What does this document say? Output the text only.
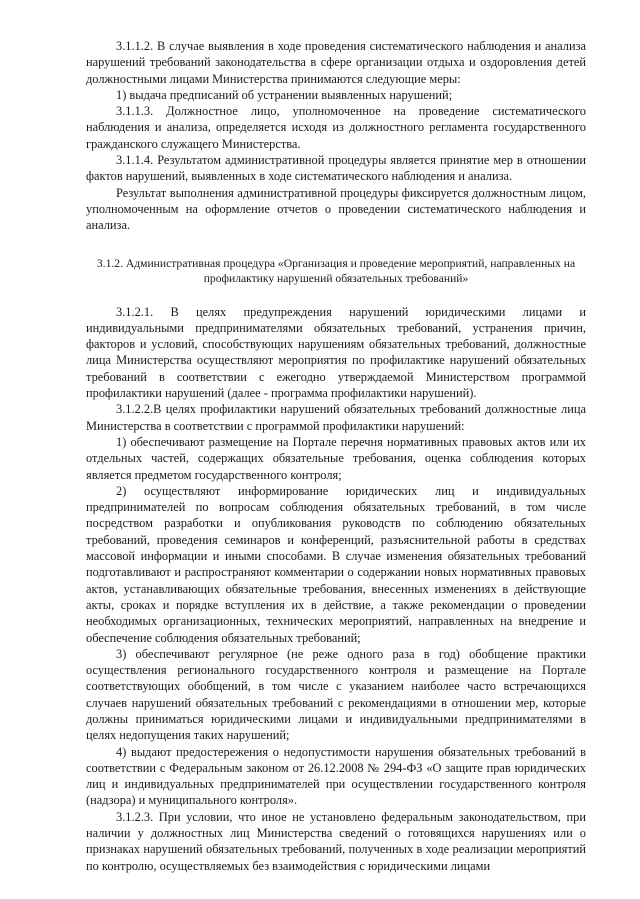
3.1.1.2. В случае выявления в ходе проведения систематического наблюдения и анализа нарушений требований законодательства в сфере организации отдыха и оздоровления детей должностными лицами Министерства принимаются следующие меры:

1) выдача предписаний об устранении выявленных нарушений;

3.1.1.3. Должностное лицо, уполномоченное на проведение систематического наблюдения и анализа, определяется исходя из должностного регламента государственного гражданского служащего Министерства.

3.1.1.4. Результатом административной процедуры является принятие мер в отношении фактов нарушений, выявленных в ходе систематического наблюдения и анализа.

Результат выполнения административной процедуры фиксируется должностным лицом, уполномоченным на оформление отчетов о проведении систематического наблюдения и анализа.

3.1.2. Административная процедура «Организация и проведение мероприятий, направленных на профилактику нарушений обязательных требований»

3.1.2.1. В целях предупреждения нарушений юридическими лицами и индивидуальными предпринимателями обязательных требований, устранения причин, факторов и условий, способствующих нарушениям обязательных требований, должностные лица Министерства осуществляют мероприятия по профилактике нарушений обязательных требований в соответствии с ежегодно утверждаемой Министерством программой профилактики нарушений (далее - программа профилактики нарушений).

3.1.2.2.В целях профилактики нарушений обязательных требований должностные лица Министерства в соответствии с программой профилактики нарушений:

1) обеспечивают размещение на Портале перечня нормативных правовых актов или их отдельных частей, содержащих обязательные требования, оценка соблюдения которых является предметом государственного контроля;

2) осуществляют информирование юридических лиц и индивидуальных предпринимателей по вопросам соблюдения обязательных требований, в том числе посредством разработки и опубликования руководств по соблюдению обязательных требований, проведения семинаров и конференций, разъяснительной работы в средствах массовой информации и иными способами. В случае изменения обязательных требований подготавливают и распространяют комментарии о содержании новых нормативных правовых актов, устанавливающих обязательные требования, внесенных изменениях в действующие акты, сроках и порядке вступления их в действие, а также рекомендации о проведении необходимых организационных, технических мероприятий, направленных на внедрение и обеспечение соблюдения обязательных требований;

3) обеспечивают регулярное (не реже одного раза в год) обобщение практики осуществления регионального государственного контроля и размещение на Портале соответствующих обобщений, в том числе с указанием наиболее часто встречающихся случаев нарушений обязательных требований с рекомендациями в отношении мер, которые должны приниматься юридическими лицами и индивидуальными предпринимателями в целях недопущения таких нарушений;

4) выдают предостережения о недопустимости нарушения обязательных требований в соответствии с Федеральным законом от 26.12.2008 № 294-ФЗ «О защите прав юридических лиц и индивидуальных предпринимателей при осуществлении государственного контроля (надзора) и муниципального контроля».

3.1.2.3. При условии, что иное не установлено федеральным законодательством, при наличии у должностных лиц Министерства сведений о готовящихся нарушениях или о признаках нарушений обязательных требований, полученных в ходе реализации мероприятий по контролю, осуществляемых без взаимодействия с юридическими лицами
